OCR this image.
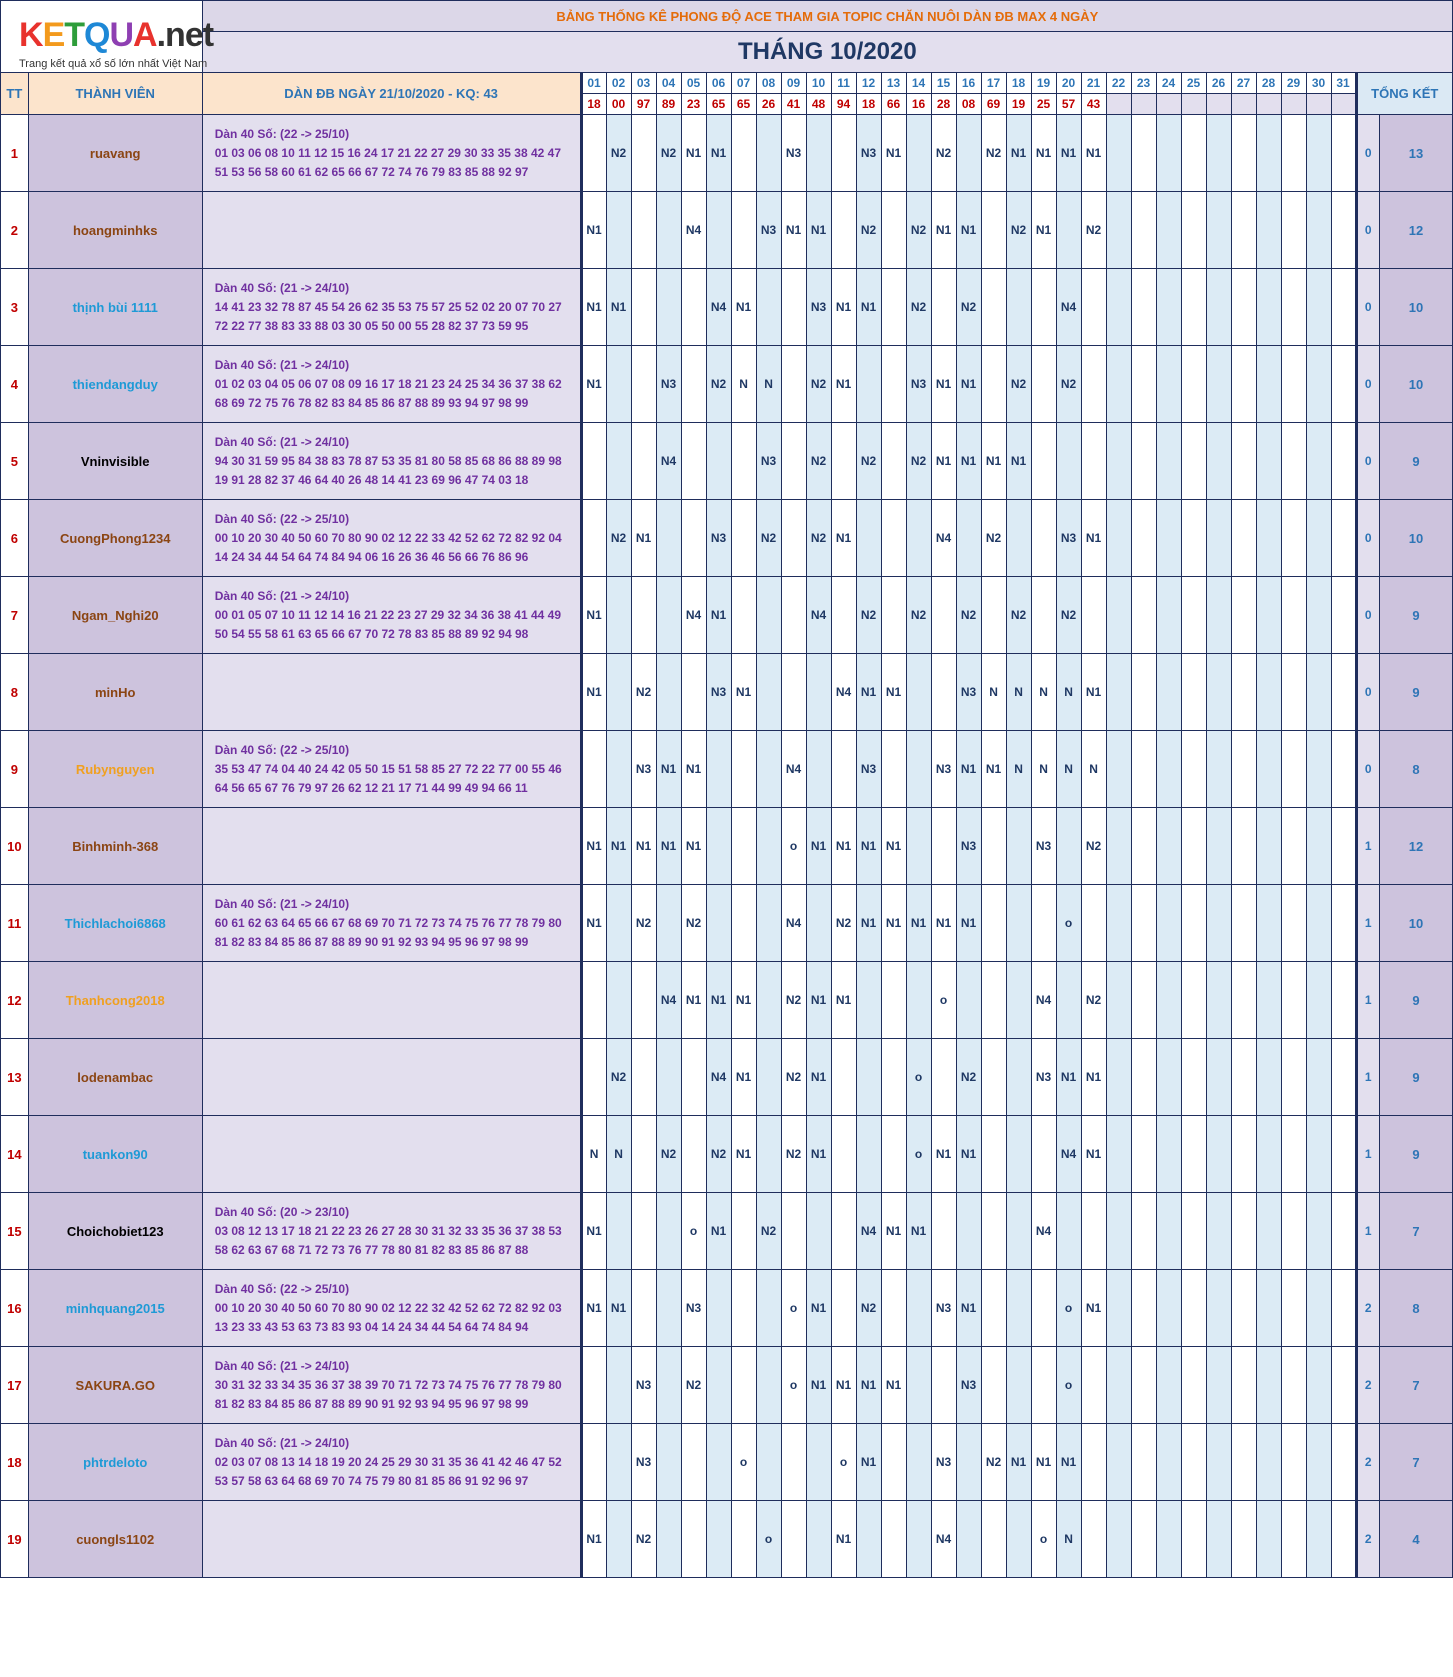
KETQUA.net
Trang kết quả xổ số lớn nhất Việt Nam		BẢNG THỐNG KÊ PHONG ĐỘ ACE THAM GIA TOPIC CHĂN NUÔI DÀN ĐB MAX 4 NGÀY																																	
		THÁNG 10/2020																																	
TT	THÀNH VIÊN	DÀN ĐB NGÀY 21/10/2020 - KQ: 43	01	02	03	04	05	06	07	08	09	10	11	12	13	14	15	16	17	18	19	20	21	22	23	24	25	26	27	28	29	30	31	TỔNG KẾT	
			18	00	97	89	23	65	65	26	41	48	94	18	66	16	28	08	69	19	25	57	43												
1	ruavang	Dàn 40 Số: (22 -> 25/10)
01 03 06 08 10 11 12 15 16 24 17 21 22 27 29 30 33 35 38 42 47
51 53 56 58 60 61 62 65 66 67 72 74 76 79 83 85 88 92 97		N2		N2	N1	N1			N3			N3	N1		N2		N2	N1	N1	N1	N1											0	13
2	hoangminhks		N1				N4			N3	N1	N1		N2		N2	N1	N1		N2	N1		N2											0	12
3	thịnh bùi 1111	Dàn 40 Số: (21 -> 24/10)
14 41 23 32 78 87 45 54 26 62 35 53 75 57 25 52 02 20 07 70 27
72 22 77 38 83 33 88 03 30 05 50 00 55 28 82 37 73 59 95	N1	N1				N4	N1			N3	N1	N1		N2		N2				N4												0	10
4	thiendangduy	Dàn 40 Số: (21 -> 24/10)
01 02 03 04 05 06 07 08 09 16 17 18 21 23 24 25 34 36 37 38 62
68 69 72 75 76 78 82 83 84 85 86 87 88 89 93 94 97 98 99	N1			N3		N2	N	N		N2	N1			N3	N1	N1		N2		N2												0	10
5	Vninvisible	Dàn 40 Số: (21 -> 24/10)
94 30 31 59 95 84 38 83 78 87 53 35 81 80 58 85 68 86 88 89 98
19 91 28 82 37 46 64 40 26 48 14 41 23 69 96 47 74 03 18				N4				N3		N2		N2		N2	N1	N1	N1	N1														0	9
6	CuongPhong1234	Dàn 40 Số: (22 -> 25/10)
00 10 20 30 40 50 60 70 80 90 02 12 22 33 42 52 62 72 82 92 04
14 24 34 44 54 64 74 84 94 06 16 26 36 46 56 66 76 86 96		N2	N1			N3		N2		N2	N1				N4		N2			N3	N1											0	10
7	Ngam_Nghi20	Dàn 40 Số: (21 -> 24/10)
00 01 05 07 10 11 12 14 16 21 22 23 27 29 32 34 36 38 41 44 49
50 54 55 58 61 63 65 66 67 70 72 78 83 85 88 89 92 94 98	N1				N4	N1				N4		N2		N2		N2		N2		N2												0	9
8	minHo		N1		N2			N3	N1				N4	N1	N1			N3	N	N	N	N	N1											0	9
9	Rubynguyen	Dàn 40 Số: (22 -> 25/10)
35 53 47 74 04 40 24 42 05 50 15 51 58 85 27 72 22 77 00 55 46
64 56 65 67 76 79 97 26 62 12 21 17 71 44 99 49 94 66 11			N3	N1	N1				N4			N3			N3	N1	N1	N	N	N	N											0	8
10	Binhminh-368		N1	N1	N1	N1	N1				o	N1	N1	N1	N1			N3			N3		N2											1	12
11	Thichlachoi6868	Dàn 40 Số: (21 -> 24/10)
60 61 62 63 64 65 66 67 68 69 70 71 72 73 74 75 76 77 78 79 80
81 82 83 84 85 86 87 88 89 90 91 92 93 94 95 96 97 98 99	N1		N2		N2				N4		N2	N1	N1	N1	N1	N1				o												1	10
12	Thanhcong2018					N4	N1	N1	N1		N2	N1	N1				o				N4		N2											1	9
13	lodenambac			N2				N4	N1		N2	N1				o		N2			N3	N1	N1											1	9
14	tuankon90		N	N		N2		N2	N1		N2	N1				o	N1	N1				N4	N1											1	9
15	Choichobiet123	Dàn 40 Số: (20 -> 23/10)
03 08 12 13 17 18 21 22 23 26 27 28 30 31 32 33 35 36 37 38 53
58 62 63 67 68 71 72 73 76 77 78 80 81 82 83 85 86 87 88	N1				o	N1		N2				N4	N1	N1					N4													1	7
16	minhquang2015	Dàn 40 Số: (22 -> 25/10)
00 10 20 30 40 50 60 70 80 90 02 12 22 32 42 52 62 72 82 92 03
13 23 33 43 53 63 73 83 93 04 14 24 34 44 54 64 74 84 94	N1	N1			N3				o	N1		N2			N3	N1				o	N1											2	8
17	SAKURA.GO	Dàn 40 Số: (21 -> 24/10)
30 31 32 33 34 35 36 37 38 39 70 71 72 73 74 75 76 77 78 79 80
81 82 83 84 85 86 87 88 89 90 91 92 93 94 95 96 97 98 99			N3		N2				o	N1	N1	N1	N1			N3				o												2	7
18	phtrdeloto	Dàn 40 Số: (21 -> 24/10)
02 03 07 08 13 14 18 19 20 24 25 29 30 31 35 36 41 42 46 47 52
53 57 58 63 64 68 69 70 74 75 79 80 81 85 86 91 92 96 97			N3				o				o	N1			N3		N2	N1	N1	N1												2	7
19	cuongls1102		N1		N2					o			N1				N4				o	N												2	4
